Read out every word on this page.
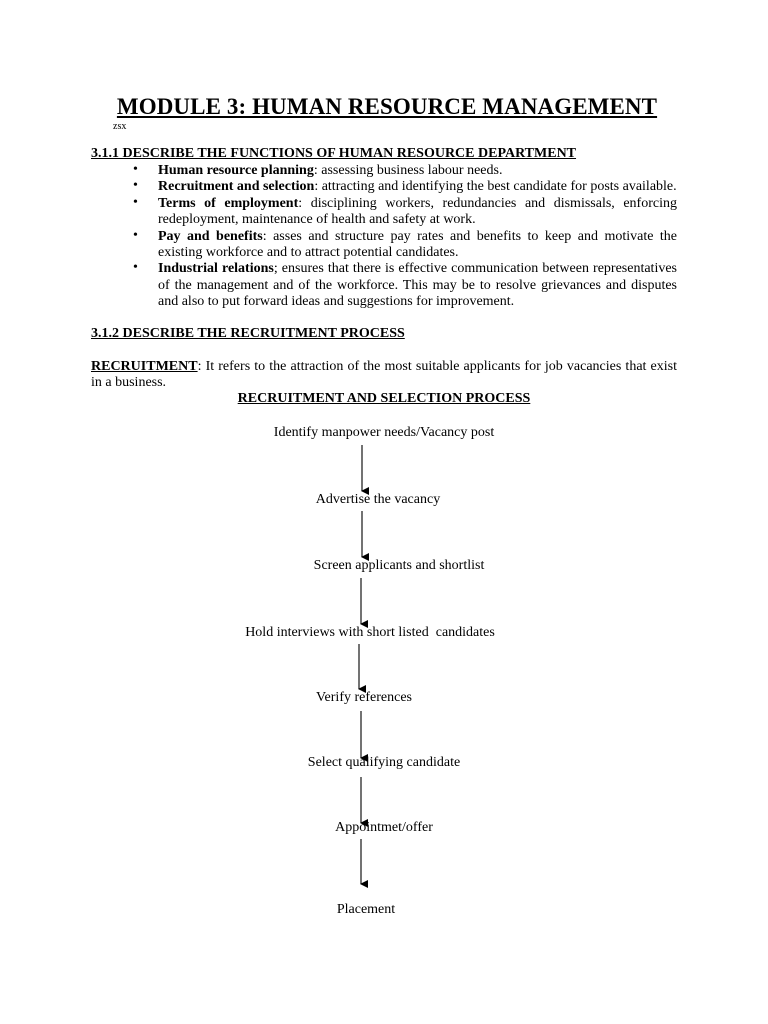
MODULE 3: HUMAN RESOURCE MANAGEMENT
zsx
3.1.1 DESCRIBE THE FUNCTIONS OF HUMAN RESOURCE DEPARTMENT
• Human resource planning: assessing business labour needs.
• Recruitment and selection: attracting and identifying the best candidate for posts available.
• Terms of employment: disciplining workers, redundancies and dismissals, enforcing redeployment, maintenance of health and safety at work.
• Pay and benefits: asses and structure pay rates and benefits to keep and motivate the existing workforce and to attract potential candidates.
• Industrial relations; ensures that there is effective communication between representatives of the management and of the workforce. This may be to resolve grievances and disputes and also to put forward ideas and suggestions for improvement.
3.1.2 DESCRIBE THE RECRUITMENT PROCESS
RECRUITMENT: It refers to the attraction of the most suitable applicants for job vacancies that exist in a business.
RECRUITMENT AND SELECTION PROCESS
Identify manpower needs/Vacancy post
Advertise the vacancy
Screen applicants and shortlist
Hold interviews with short listed  candidates
Verify references
Select qualifying candidate
Appointmet/offer
Placement
